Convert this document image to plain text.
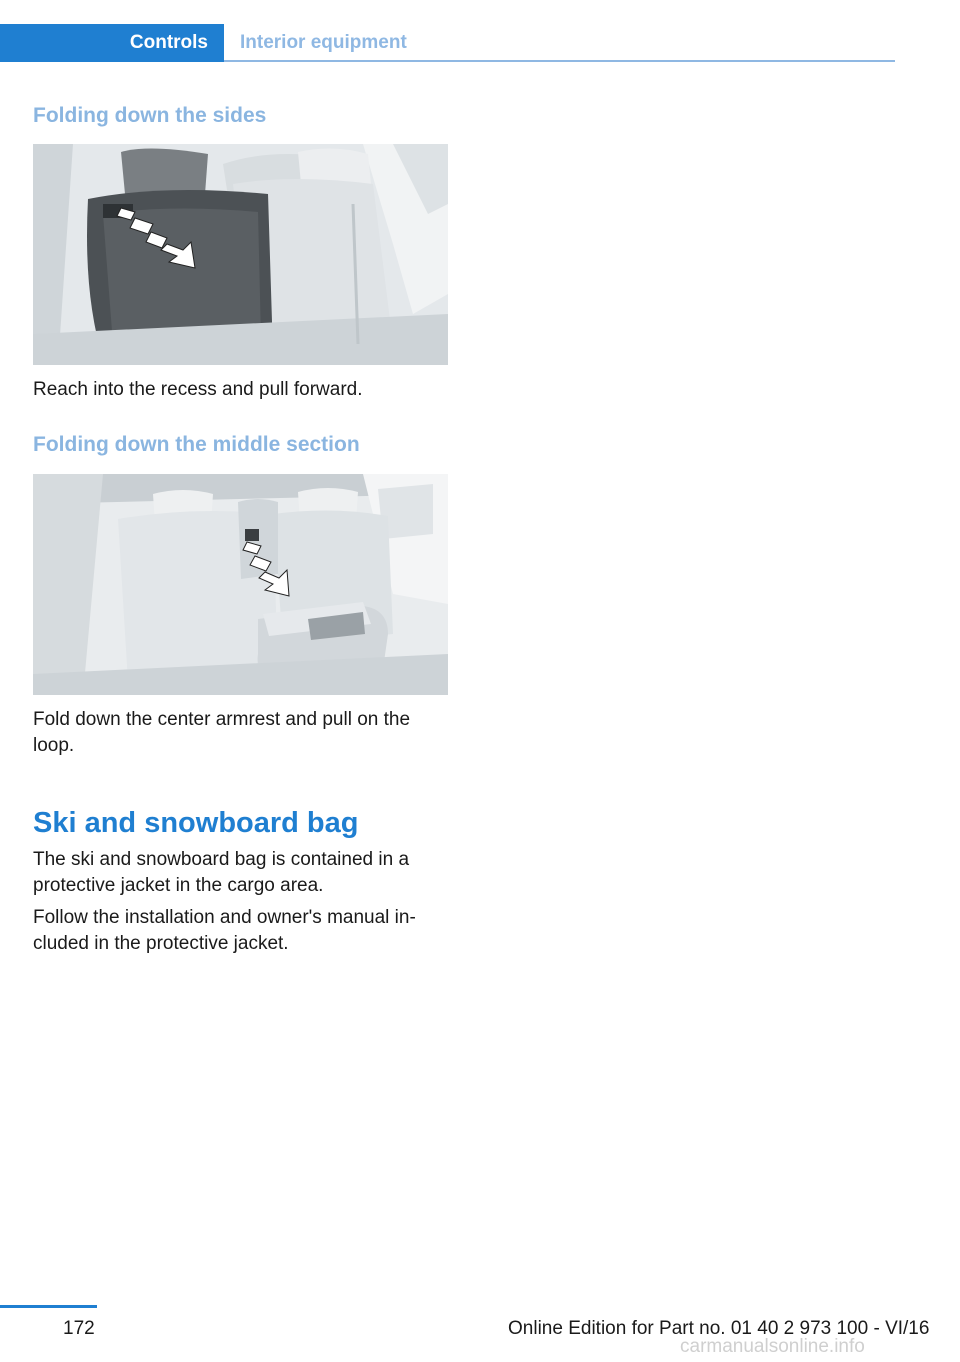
Controls	Interior equipment
Folding down the sides

Reach into the recess and pull forward.

Folding down the middle section

Fold down the center armrest and pull on the loop.

Ski and snowboard bag

The ski and snowboard bag is contained in a protective jacket in the cargo area.

Follow the installation and owner's manual included in the protective jacket.

172	Online Edition for Part no. 01 40 2 973 100 - VI/16
carmanualsonline.info
